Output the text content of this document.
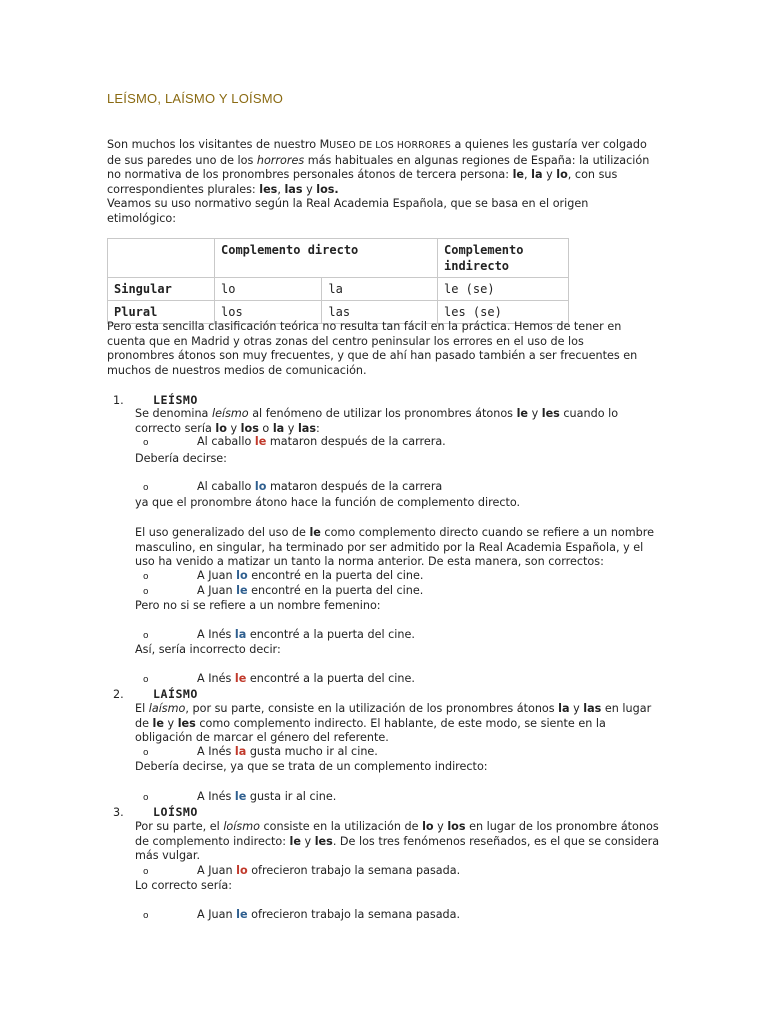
LEÍSMO, LAÍSMO Y LOÍSMO
Son muchos los visitantes de nuestro MUSEO DE LOS HORRORES a quienes les gustaría ver colgado de sus paredes uno de los horrores más habituales en algunas regiones de España: la utilización no normativa de los pronombres personales átonos de tercera persona: le, la y lo, con sus correspondientes plurales: les, las y los.
Veamos su uso normativo según la Real Academia Española, que se basa en el origen etimológico:
	Complemento directo		Complemento indirecto
Singular	lo	la	le (se)
Plural	los	las	les (se)
Pero esta sencilla clasificación teórica no resulta tan fácil en la práctica. Hemos de tener en cuenta que en Madrid y otras zonas del centro peninsular los errores en el uso de los pronombres átonos son muy frecuentes, y que de ahí han pasado también a ser frecuentes en muchos de nuestros medios de comunicación.
1.	LEÍSMO
Se denomina leísmo al fenómeno de utilizar los pronombres átonos le y les cuando lo correcto sería lo y los o la y las:
o	Al caballo le mataron después de la carrera.
Debería decirse:
o	Al caballo lo mataron después de la carrera
ya que el pronombre átono hace la función de complemento directo.
El uso generalizado del uso de le como complemento directo cuando se refiere a un nombre masculino, en singular, ha terminado por ser admitido por la Real Academia Española, y el uso ha venido a matizar un tanto la norma anterior. De esta manera, son correctos:
o	A Juan lo encontré en la puerta del cine.
o	A Juan le encontré en la puerta del cine.
Pero no si se refiere a un nombre femenino:
o	A Inés la encontré a la puerta del cine.
Así, sería incorrecto decir:
o	A Inés le encontré a la puerta del cine.
2.	LAÍSMO
El laísmo, por su parte, consiste en la utilización de los pronombres átonos la y las en lugar de le y les como complemento indirecto. El hablante, de este modo, se siente en la obligación de marcar el género del referente.
o	A Inés la gusta mucho ir al cine.
Debería decirse, ya que se trata de un complemento indirecto:
o	A Inés le gusta ir al cine.
3.	LOÍSMO
Por su parte, el loísmo consiste en la utilización de lo y los en lugar de los pronombre átonos de complemento indirecto: le y les. De los tres fenómenos reseñados, es el que se considera más vulgar.
o	A Juan lo ofrecieron trabajo la semana pasada.
Lo correcto sería:
o	A Juan le ofrecieron trabajo la semana pasada.
